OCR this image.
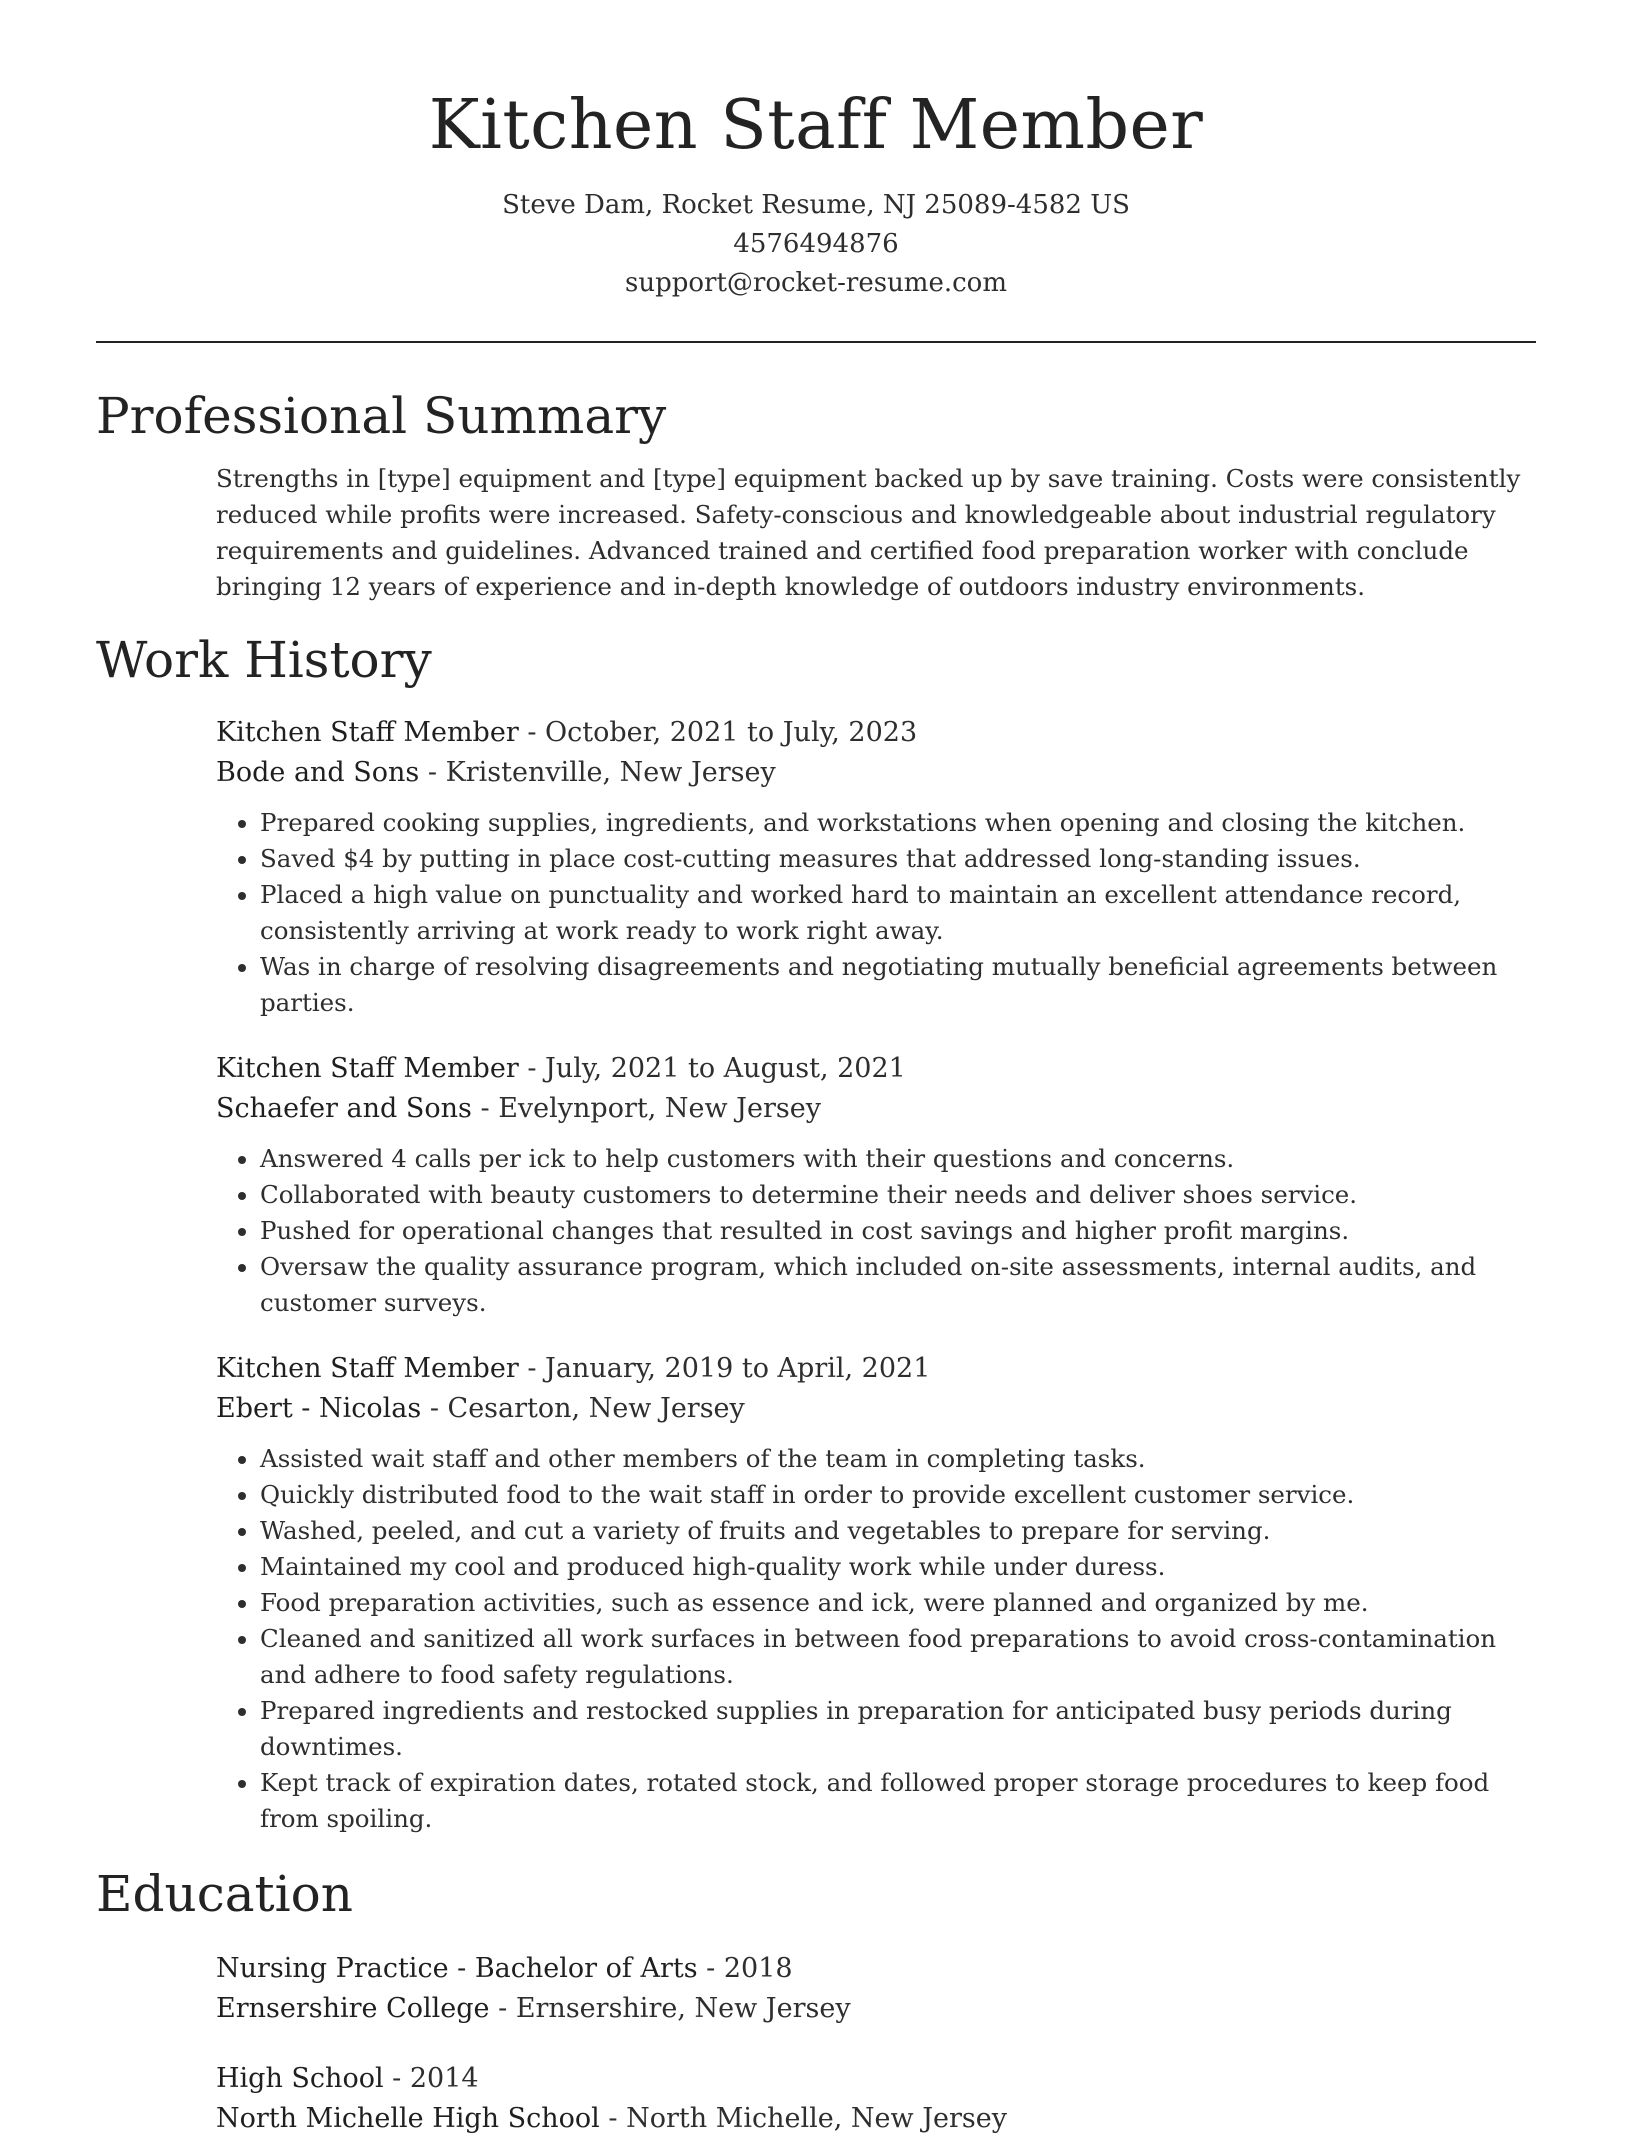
Kitchen Staff Member
Steve Dam, Rocket Resume, NJ 25089-4582 US
4576494876
support@rocket-resume.com
Professional Summary
Strengths in [type] equipment and [type] equipment backed up by save training. Costs were consistently reduced while profits were increased. Safety-conscious and knowledgeable about industrial regulatory requirements and guidelines. Advanced trained and certified food preparation worker with conclude bringing 12 years of experience and in-depth knowledge of outdoors industry environments.
Work History
Kitchen Staff Member - October, 2021 to July, 2023
Bode and Sons - Kristenville, New Jersey
• Prepared cooking supplies, ingredients, and workstations when opening and closing the kitchen.
• Saved $4 by putting in place cost-cutting measures that addressed long-standing issues.
• Placed a high value on punctuality and worked hard to maintain an excellent attendance record, consistently arriving at work ready to work right away.
• Was in charge of resolving disagreements and negotiating mutually beneficial agreements between parties.
Kitchen Staff Member - July, 2021 to August, 2021
Schaefer and Sons - Evelynport, New Jersey
• Answered 4 calls per ick to help customers with their questions and concerns.
• Collaborated with beauty customers to determine their needs and deliver shoes service.
• Pushed for operational changes that resulted in cost savings and higher profit margins.
• Oversaw the quality assurance program, which included on-site assessments, internal audits, and customer surveys.
Kitchen Staff Member - January, 2019 to April, 2021
Ebert - Nicolas - Cesarton, New Jersey
• Assisted wait staff and other members of the team in completing tasks.
• Quickly distributed food to the wait staff in order to provide excellent customer service.
• Washed, peeled, and cut a variety of fruits and vegetables to prepare for serving.
• Maintained my cool and produced high-quality work while under duress.
• Food preparation activities, such as essence and ick, were planned and organized by me.
• Cleaned and sanitized all work surfaces in between food preparations to avoid cross-contamination and adhere to food safety regulations.
• Prepared ingredients and restocked supplies in preparation for anticipated busy periods during downtimes.
• Kept track of expiration dates, rotated stock, and followed proper storage procedures to keep food from spoiling.
Education
Nursing Practice - Bachelor of Arts - 2018
Ernsershire College - Ernsershire, New Jersey
High School - 2014
North Michelle High School - North Michelle, New Jersey
